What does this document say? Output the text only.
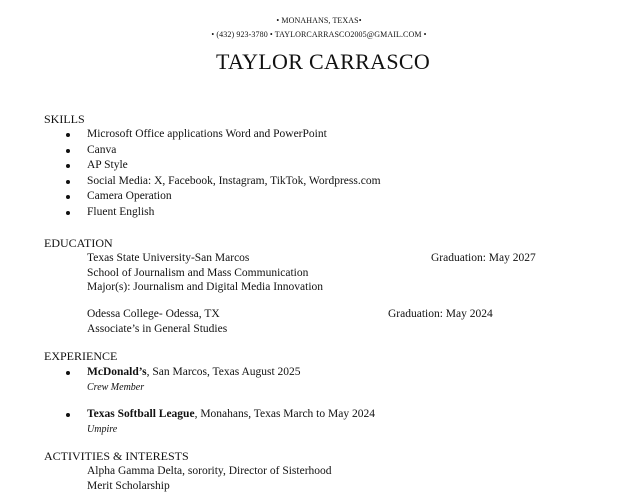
• MONAHANS, TEXAS•
• (432) 923-3780 • TAYLORCARRASCO2005@GMAIL.COM •
TAYLOR CARRASCO
SKILLS
Microsoft Office applications Word and PowerPoint
Canva
AP Style
Social Media: X, Facebook, Instagram, TikTok, Wordpress.com
Camera Operation
Fluent English
EDUCATION
Texas State University-San Marcos	Graduation: May 2027
School of Journalism and Mass Communication
Major(s): Journalism and Digital Media Innovation
Odessa College- Odessa, TX	Graduation: May 2024
Associate’s in General Studies
EXPERIENCE
McDonald’s, San Marcos, Texas August 2025
Crew Member
Texas Softball League, Monahans, Texas March to May 2024
Umpire
ACTIVITIES & INTERESTS
Alpha Gamma Delta, sorority, Director of Sisterhood
Merit Scholarship
